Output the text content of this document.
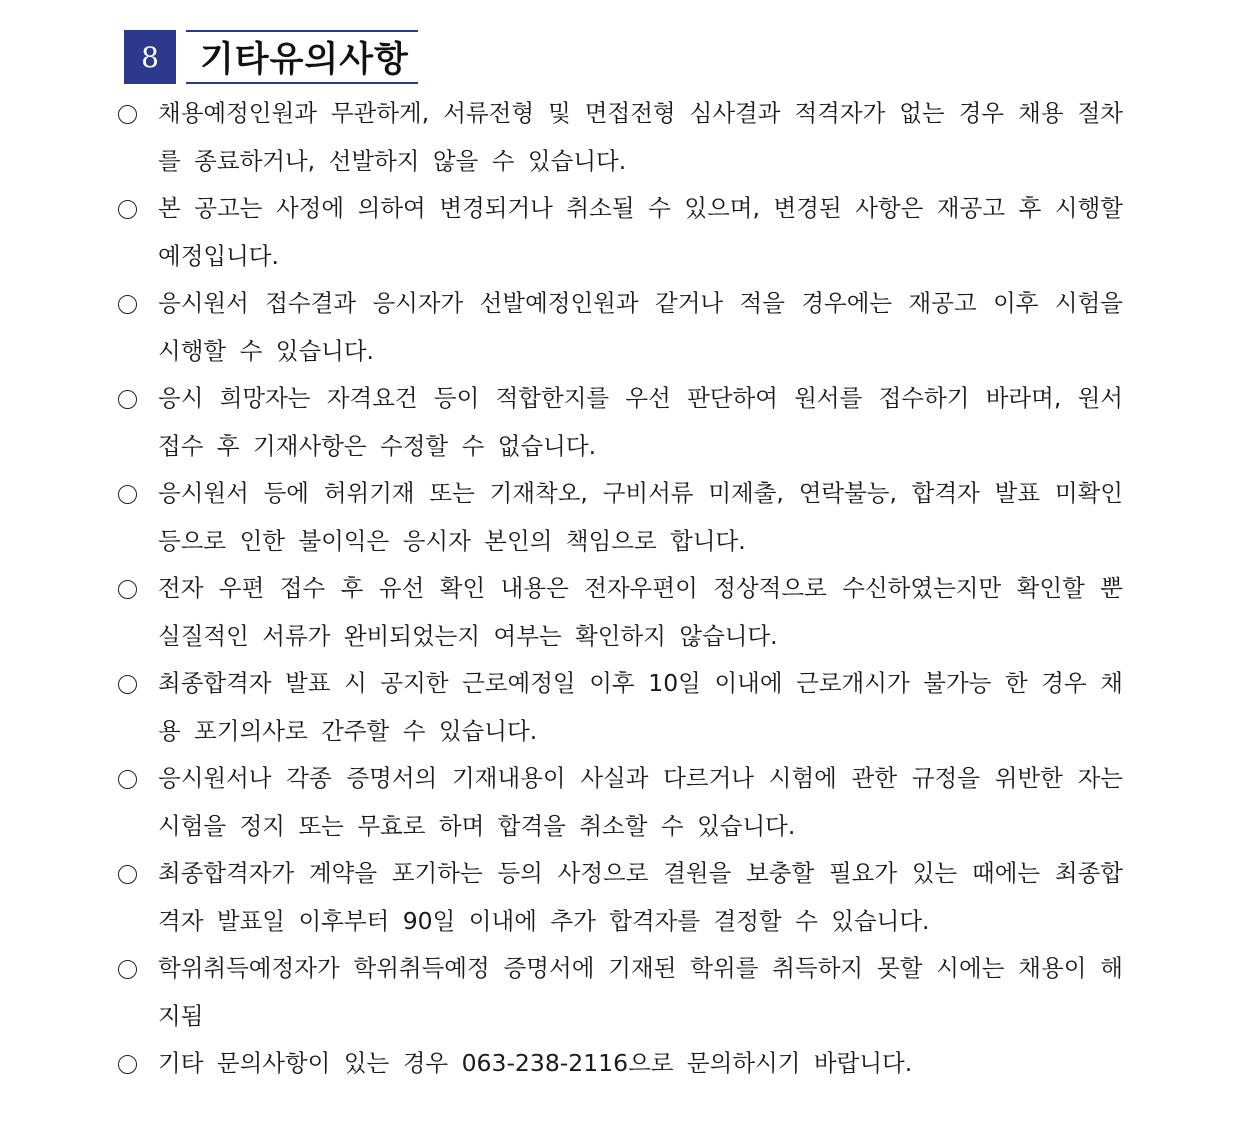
8	기타유의사항
채용예정인원과 무관하게, 서류전형 및 면접전형 심사결과 적격자가 없는 경우 채용 절차를 종료하거나, 선발하지 않을 수 있습니다.
본 공고는 사정에 의하여 변경되거나 취소될 수 있으며, 변경된 사항은 재공고 후 시행할 예정입니다.
응시원서 접수결과 응시자가 선발예정인원과 같거나 적을 경우에는 재공고 이후 시험을 시행할 수 있습니다.
응시 희망자는 자격요건 등이 적합한지를 우선 판단하여 원서를 접수하기 바라며, 원서 접수 후 기재사항은 수정할 수 없습니다.
응시원서 등에 허위기재 또는 기재착오, 구비서류 미제출, 연락불능, 합격자 발표 미확인 등으로 인한 불이익은 응시자 본인의 책임으로 합니다.
전자 우편 접수 후 유선 확인 내용은 전자우편이 정상적으로 수신하였는지만 확인할 뿐 실질적인 서류가 완비되었는지 여부는 확인하지 않습니다.
최종합격자 발표 시 공지한 근로예정일 이후 10일 이내에 근로개시가 불가능 한 경우 채용 포기의사로 간주할 수 있습니다.
응시원서나 각종 증명서의 기재내용이 사실과 다르거나 시험에 관한 규정을 위반한 자는 시험을 정지 또는 무효로 하며 합격을 취소할 수 있습니다.
최종합격자가 계약을 포기하는 등의 사정으로 결원을 보충할 필요가 있는 때에는 최종합격자 발표일 이후부터 90일 이내에 추가 합격자를 결정할 수 있습니다.
학위취득예정자가 학위취득예정 증명서에 기재된 학위를 취득하지 못할 시에는 채용이 해지됨
기타 문의사항이 있는 경우 063-238-2116으로 문의하시기 바랍니다.
